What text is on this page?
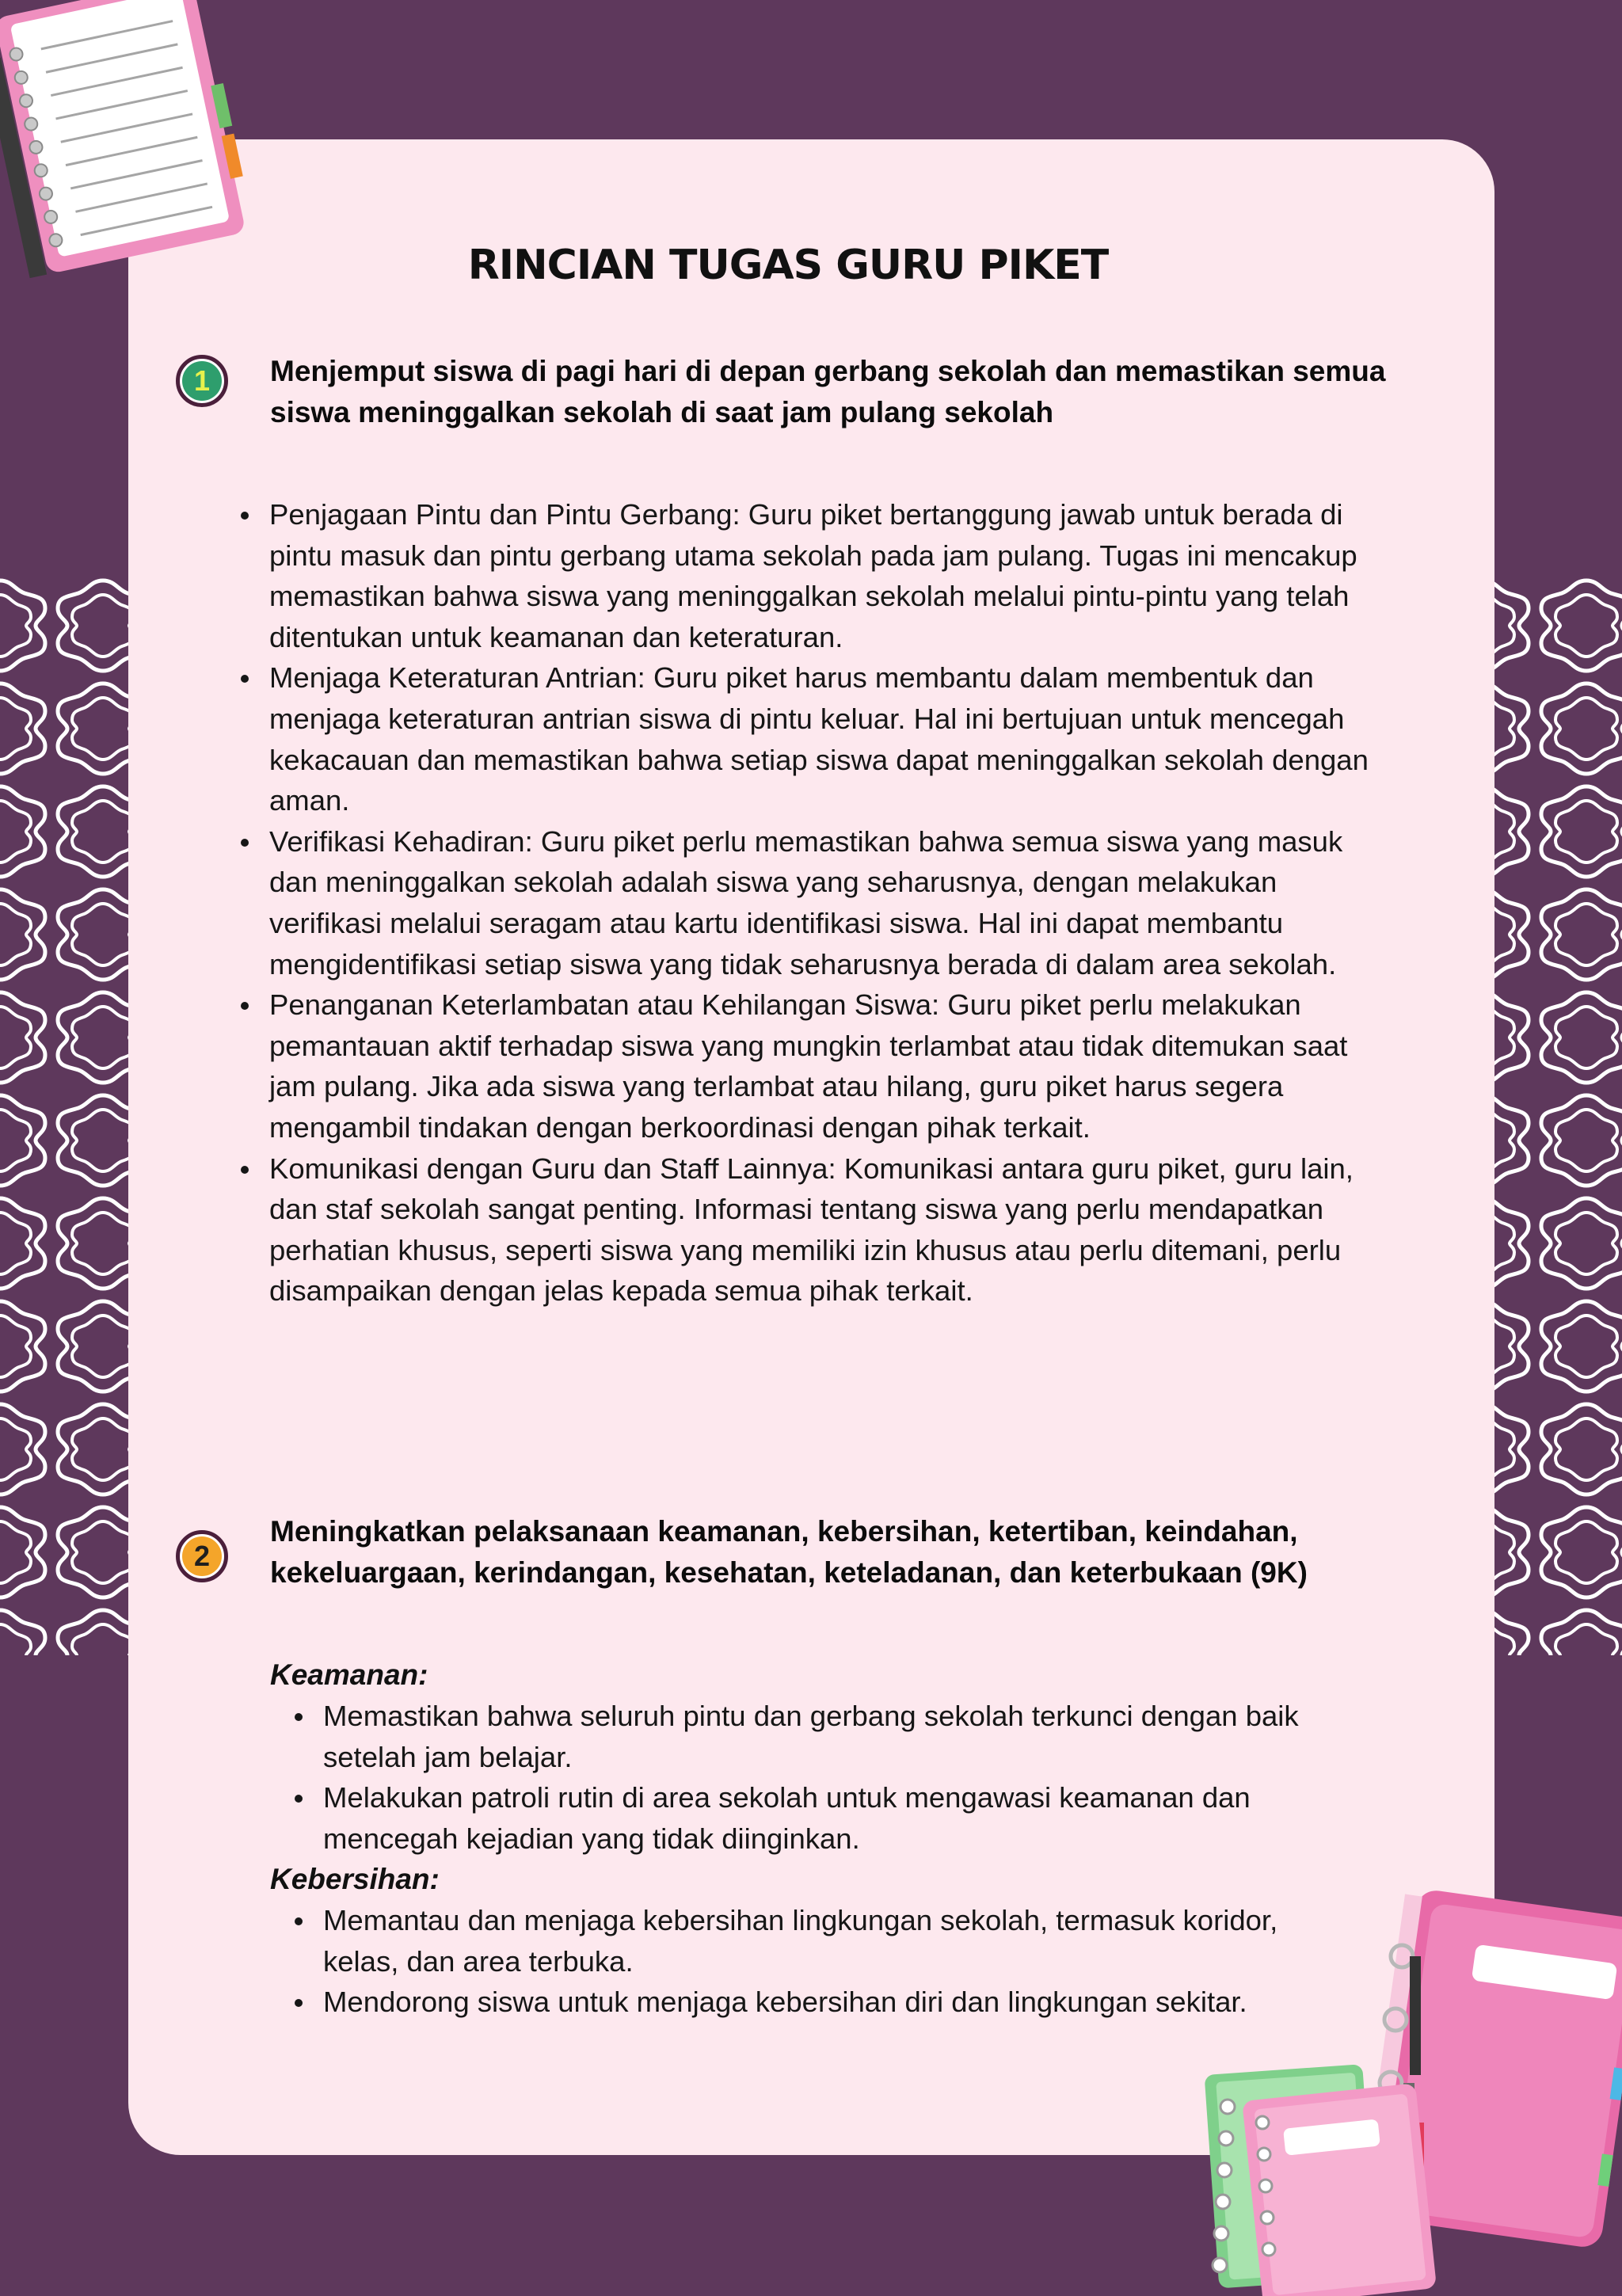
RINCIAN TUGAS GURU PIKET
1	Menjemput siswa di pagi hari di depan gerbang sekolah dan memastikan semua siswa meninggalkan sekolah di saat jam pulang sekolah
Penjagaan Pintu dan Pintu Gerbang: Guru piket bertanggung jawab untuk berada di pintu masuk dan pintu gerbang utama sekolah pada jam pulang. Tugas ini mencakup memastikan bahwa siswa yang meninggalkan sekolah melalui pintu-pintu yang telah ditentukan untuk keamanan dan keteraturan.
Menjaga Keteraturan Antrian: Guru piket harus membantu dalam membentuk dan menjaga keteraturan antrian siswa di pintu keluar. Hal ini bertujuan untuk mencegah kekacauan dan memastikan bahwa setiap siswa dapat meninggalkan sekolah dengan aman.
Verifikasi Kehadiran: Guru piket perlu memastikan bahwa semua siswa yang masuk dan meninggalkan sekolah adalah siswa yang seharusnya, dengan melakukan verifikasi melalui seragam atau kartu identifikasi siswa. Hal ini dapat membantu mengidentifikasi setiap siswa yang tidak seharusnya berada di dalam area sekolah.
Penanganan Keterlambatan atau Kehilangan Siswa: Guru piket perlu melakukan pemantauan aktif terhadap siswa yang mungkin terlambat atau tidak ditemukan saat jam pulang. Jika ada siswa yang terlambat atau hilang, guru piket harus segera mengambil tindakan dengan berkoordinasi dengan pihak terkait.
Komunikasi dengan Guru dan Staff Lainnya: Komunikasi antara guru piket, guru lain, dan staf sekolah sangat penting. Informasi tentang siswa yang perlu mendapatkan perhatian khusus, seperti siswa yang memiliki izin khusus atau perlu ditemani, perlu disampaikan dengan jelas kepada semua pihak terkait.
2
Meningkatkan pelaksanaan keamanan, kebersihan, ketertiban, keindahan, kekeluargaan, kerindangan, kesehatan, keteladanan, dan keterbukaan (9K)
Keamanan:
Memastikan bahwa seluruh pintu dan gerbang sekolah terkunci dengan baik setelah jam belajar.
Melakukan patroli rutin di area sekolah untuk mengawasi keamanan dan mencegah kejadian yang tidak diinginkan.
Kebersihan:
Memantau dan menjaga kebersihan lingkungan sekolah, termasuk koridor, kelas, dan area terbuka.
Mendorong siswa untuk menjaga kebersihan diri dan lingkungan sekitar.
